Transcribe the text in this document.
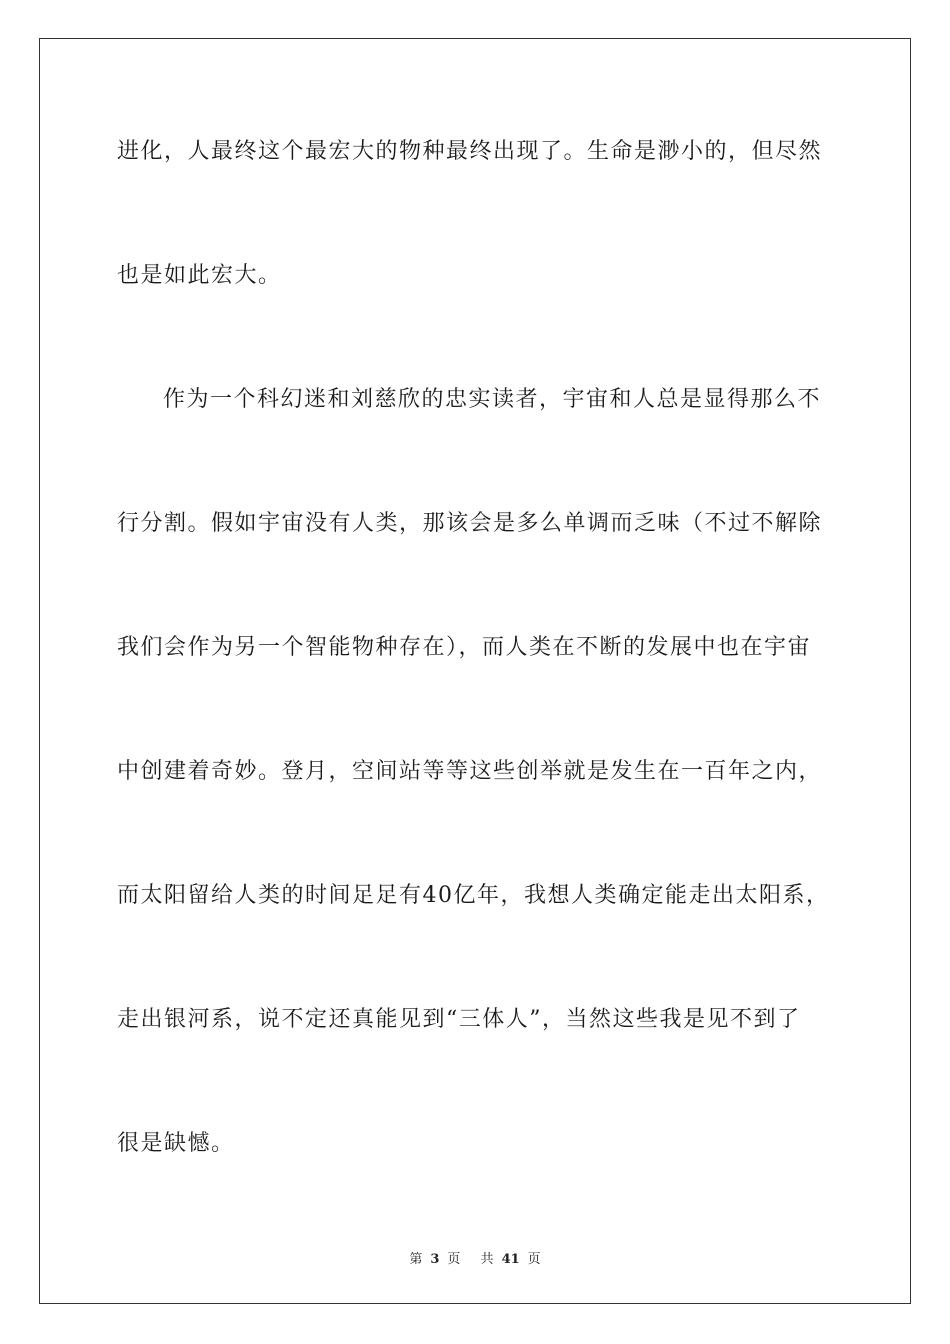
进化，人最终这个最宏大的物种最终出现了。生命是渺小的，但尽然
也是如此宏大。
作为一个科幻迷和刘慈欣的忠实读者，宇宙和人总是显得那么不
行分割。假如宇宙没有人类，那该会是多么单调而乏味（不过不解除
我们会作为另一个智能物种存在），而人类在不断的发展中也在宇宙
中创建着奇妙。登月，空间站等等这些创举就是发生在一百年之内，
而太阳留给人类的时间足足有40亿年，我想人类确定能走出太阳系，
走出银河系，说不定还真能见到“三体人”，当然这些我是见不到了
很是缺憾。
第 3 页 共 41 页
